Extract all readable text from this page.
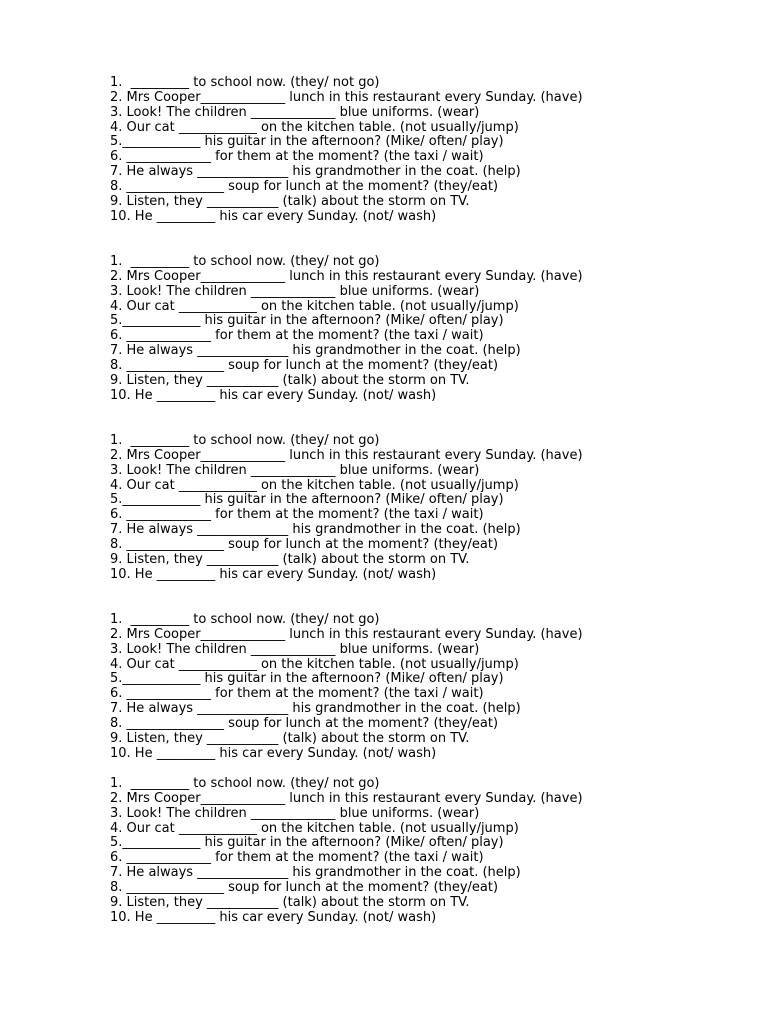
1.  _________ to school now. (they/ not go)
2. Mrs Cooper_____________ lunch in this restaurant every Sunday. (have)
3. Look! The children _____________ blue uniforms. (wear)
4. Our cat ____________ on the kitchen table. (not usually/jump)
5.____________ his guitar in the afternoon? (Mike/ often/ play)
6. _____________ for them at the moment? (the taxi / wait)
7. He always ______________ his grandmother in the coat. (help)
8. _______________ soup for lunch at the moment? (they/eat)
9. Listen, they ___________ (talk) about the storm on TV.
10. He _________ his car every Sunday. (not/ wash)
1.  _________ to school now. (they/ not go)
2. Mrs Cooper_____________ lunch in this restaurant every Sunday. (have)
3. Look! The children _____________ blue uniforms. (wear)
4. Our cat ____________ on the kitchen table. (not usually/jump)
5.____________ his guitar in the afternoon? (Mike/ often/ play)
6. _____________ for them at the moment? (the taxi / wait)
7. He always ______________ his grandmother in the coat. (help)
8. _______________ soup for lunch at the moment? (they/eat)
9. Listen, they ___________ (talk) about the storm on TV.
10. He _________ his car every Sunday. (not/ wash)
1.  _________ to school now. (they/ not go)
2. Mrs Cooper_____________ lunch in this restaurant every Sunday. (have)
3. Look! The children _____________ blue uniforms. (wear)
4. Our cat ____________ on the kitchen table. (not usually/jump)
5.____________ his guitar in the afternoon? (Mike/ often/ play)
6. _____________ for them at the moment? (the taxi / wait)
7. He always ______________ his grandmother in the coat. (help)
8. _______________ soup for lunch at the moment? (they/eat)
9. Listen, they ___________ (talk) about the storm on TV.
10. He _________ his car every Sunday. (not/ wash)
1.  _________ to school now. (they/ not go)
2. Mrs Cooper_____________ lunch in this restaurant every Sunday. (have)
3. Look! The children _____________ blue uniforms. (wear)
4. Our cat ____________ on the kitchen table. (not usually/jump)
5.____________ his guitar in the afternoon? (Mike/ often/ play)
6. _____________ for them at the moment? (the taxi / wait)
7. He always ______________ his grandmother in the coat. (help)
8. _______________ soup for lunch at the moment? (they/eat)
9. Listen, they ___________ (talk) about the storm on TV.
10. He _________ his car every Sunday. (not/ wash)
1.  _________ to school now. (they/ not go)
2. Mrs Cooper_____________ lunch in this restaurant every Sunday. (have)
3. Look! The children _____________ blue uniforms. (wear)
4. Our cat ____________ on the kitchen table. (not usually/jump)
5.____________ his guitar in the afternoon? (Mike/ often/ play)
6. _____________ for them at the moment? (the taxi / wait)
7. He always ______________ his grandmother in the coat. (help)
8. _______________ soup for lunch at the moment? (they/eat)
9. Listen, they ___________ (talk) about the storm on TV.
10. He _________ his car every Sunday. (not/ wash)
